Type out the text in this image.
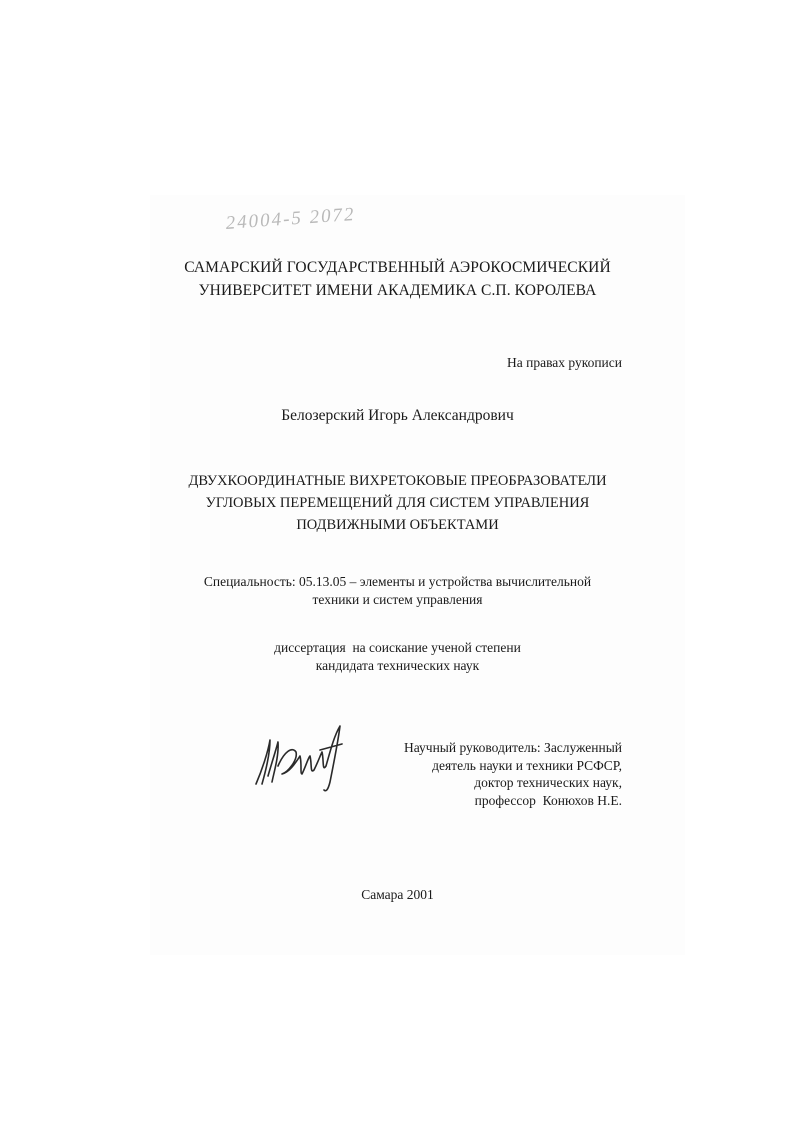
24004-5 2072
САМАРСКИЙ ГОСУДАРСТВЕННЫЙ АЭРОКОСМИЧЕСКИЙ
УНИВЕРСИТЕТ ИМЕНИ АКАДЕМИКА С.П. КОРОЛЕВА
На правах рукописи
Белозерский Игорь Александрович
ДВУХКООРДИНАТНЫЕ ВИХРЕТОКОВЫЕ ПРЕОБРАЗОВАТЕЛИ
УГЛОВЫХ ПЕРЕМЕЩЕНИЙ ДЛЯ СИСТЕМ УПРАВЛЕНИЯ
ПОДВИЖНЫМИ ОБЪЕКТАМИ
Специальность: 05.13.05 – элементы и устройства вычислительной
техники и систем управления
диссертация  на соискание ученой степени
кандидата технических наук
Научный руководитель: Заслуженный
деятель науки и техники РСФСР,
доктор технических наук,
профессор  Конюхов Н.Е.
Самара 2001
